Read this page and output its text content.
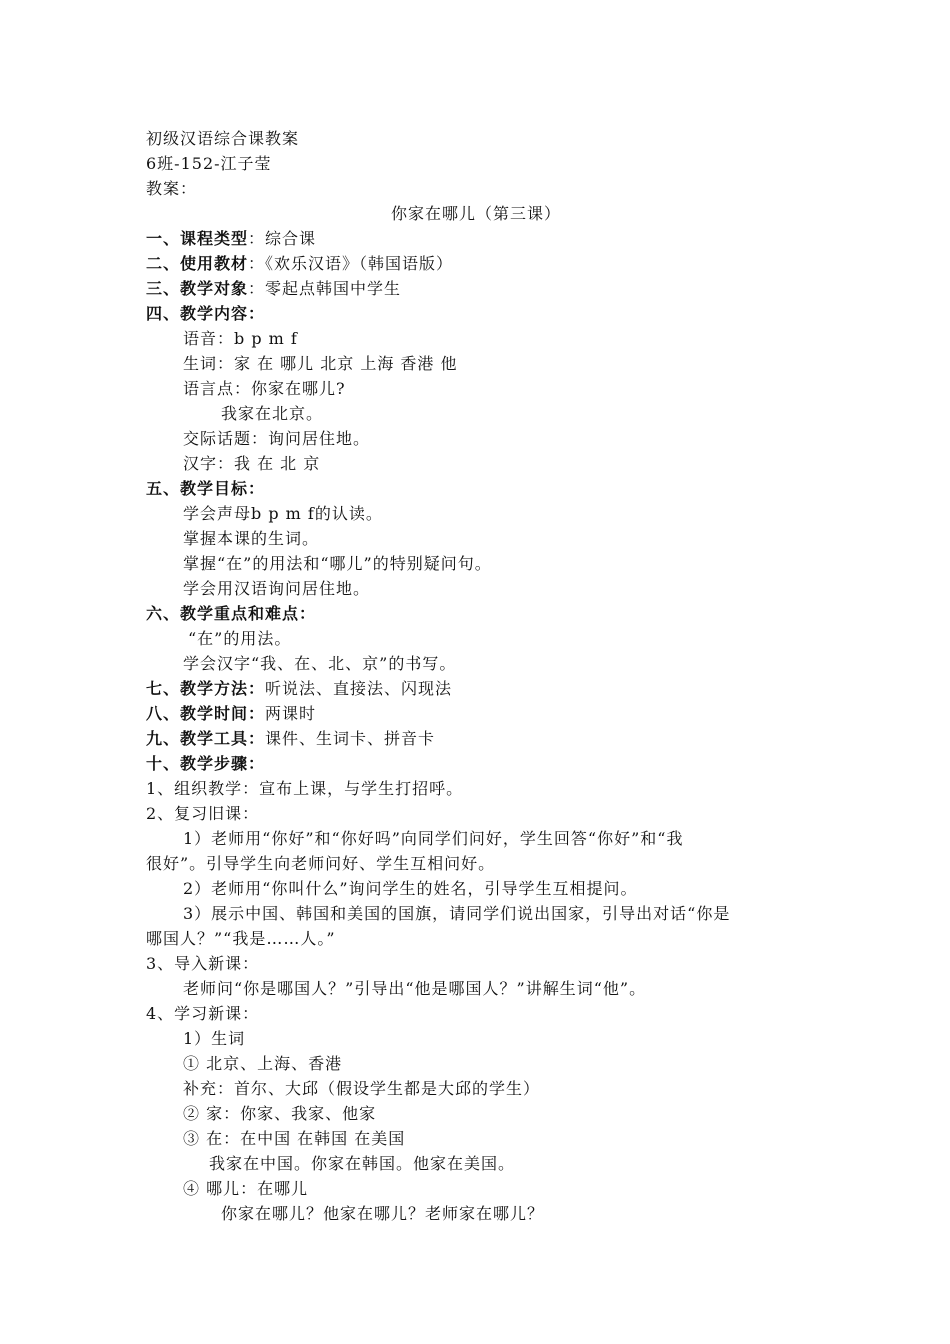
初级汉语综合课教案
6班-152-江子莹
教案：
你家在哪儿（第三课）
一、课程类型：综合课
二、使用教材：《欢乐汉语》（韩国语版）
三、教学对象：零起点韩国中学生
四、教学内容：
语音：b p m f
生词：家 在 哪儿 北京 上海 香港 他
语言点：你家在哪儿?
我家在北京。
交际话题：询问居住地。
汉字：我 在 北 京
五、教学目标：
学会声母b p m f的认读。
掌握本课的生词。
掌握“在”的用法和“哪儿”的特别疑问句。
学会用汉语询问居住地。
六、教学重点和难点：
“在”的用法。
学会汉字“我、在、北、京”的书写。
七、教学方法：听说法、直接法、闪现法
八、教学时间：两课时
九、教学工具：课件、生词卡、拼音卡
十、教学步骤：
1、组织教学：宣布上课，与学生打招呼。
2、复习旧课：
1）老师用“你好”和“你好吗”向同学们问好，学生回答“你好”和“我
很好”。引导学生向老师问好、学生互相问好。
2）老师用“你叫什么”询问学生的姓名，引导学生互相提问。
3）展示中国、韩国和美国的国旗，请同学们说出国家，引导出对话“你是
哪国人？”“我是……人。”
3、导入新课：
老师问“你是哪国人？”引导出“他是哪国人？”讲解生词“他”。
4、学习新课：
1）生词
① 北京、上海、香港
补充：首尔、大邱（假设学生都是大邱的学生）
② 家：你家、我家、他家
③ 在：在中国 在韩国 在美国
我家在中国。你家在韩国。他家在美国。
④ 哪儿：在哪儿
你家在哪儿？他家在哪儿？老师家在哪儿？
